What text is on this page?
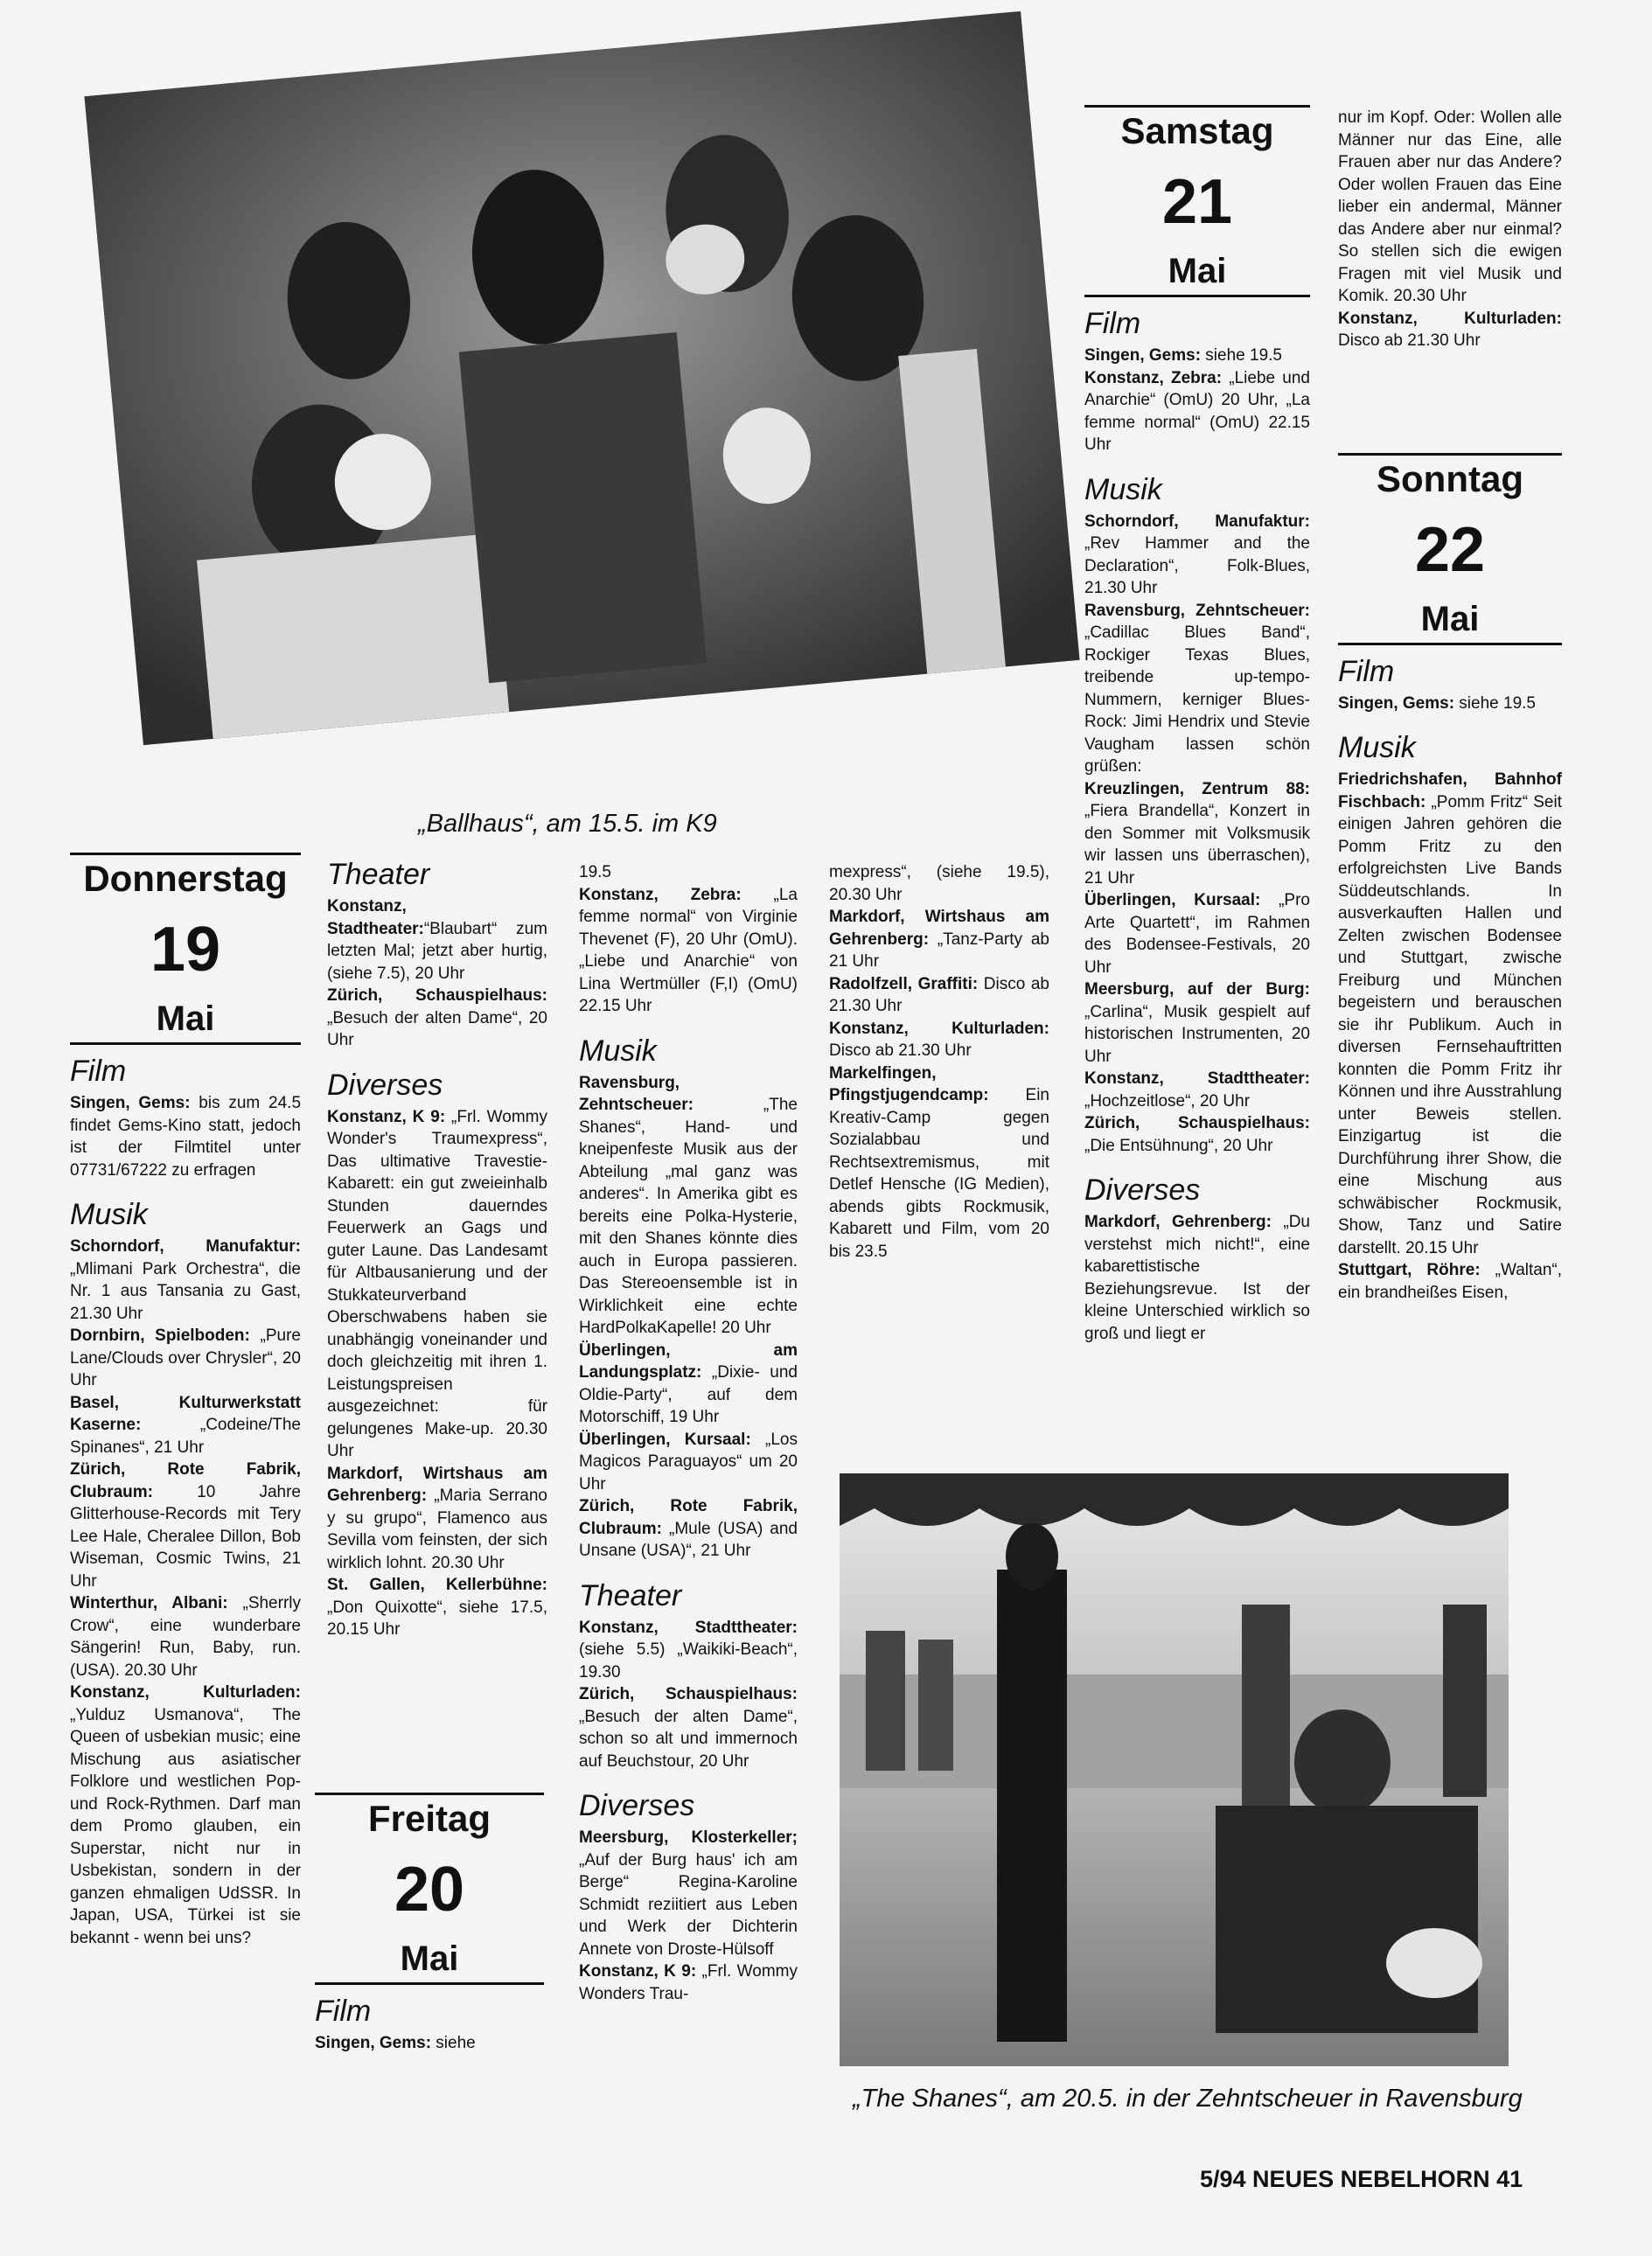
„Ballhaus“, am 15.5. im K9
Donnerstag
19
Mai
Film

Singen, Gems: bis zum 24.5 findet Gems-Kino statt, jedoch ist der Filmtitel unter 07731/67222 zu erfragen

Musik

Schorndorf, Manufaktur: „Mlimani Park Orchestra“, die Nr. 1 aus Tansania zu Gast, 21.30 Uhr

Dornbirn, Spielboden: „Pure Lane/Clouds over Chrysler“, 20 Uhr

Basel, Kulturwerkstatt Kaserne: „Codeine/The Spinanes“, 21 Uhr

Zürich, Rote Fabrik, Clubraum: 10 Jahre Glitterhouse-Records mit Tery Lee Hale, Cheralee Dillon, Bob Wiseman, Cosmic Twins, 21 Uhr

Winterthur, Albani: „Sherrly Crow“, eine wunderbare Sängerin! Run, Baby, run. (USA). 20.30 Uhr

Konstanz, Kulturladen: „Yulduz Usmanova“, The Queen of usbekian music; eine Mischung aus asiatischer Folklore und westlichen Pop- und Rock-Rythmen. Darf man dem Promo glauben, ein Superstar, nicht nur in Usbekistan, sondern in der ganzen ehmaligen UdSSR. In Japan, USA, Türkei ist sie bekannt - wenn bei uns?

Theater

Konstanz, Stadtheater:“Blaubart“ zum letzten Mal; jetzt aber hurtig, (siehe 7.5), 20 Uhr

Zürich, Schauspielhaus: „Besuch der alten Dame“, 20 Uhr

Diverses

Konstanz, K 9: „Frl. Wommy Wonder's Traumexpress“, Das ultimative Travestie-Kabarett: ein gut zweieinhalb Stunden dauerndes Feuerwerk an Gags und guter Laune. Das Landesamt für Altbausanierung und der Stukkateurverband Oberschwabens haben sie unabhängig voneinander und doch gleichzeitig mit ihren 1. Leistungspreisen ausgezeichnet: für gelungenes Make-up. 20.30 Uhr

Markdorf, Wirtshaus am Gehrenberg: „Maria Serrano y su grupo“, Flamenco aus Sevilla vom feinsten, der sich wirklich lohnt. 20.30 Uhr

St. Gallen, Kellerbühne: „Don Quixotte“, siehe 17.5, 20.15 Uhr

Freitag
20
Mai
Film

Singen, Gems: siehe

19.5

Konstanz, Zebra: „La femme normal“ von Virginie Thevenet (F), 20 Uhr (OmU). „Liebe und Anarchie“ von Lina Wertmüller (F,I) (OmU) 22.15 Uhr

Musik

Ravensburg, Zehntscheuer: „The Shanes“, Hand- und kneipenfeste Musik aus der Abteilung „mal ganz was anderes“. In Amerika gibt es bereits eine Polka-Hysterie, mit den Shanes könnte dies auch in Europa passieren. Das Stereoensemble ist in Wirklichkeit eine echte HardPolkaKapelle! 20 Uhr

Überlingen, am Landungsplatz: „Dixie- und Oldie-Party“, auf dem Motorschiff, 19 Uhr

Überlingen, Kursaal: „Los Magicos Paraguayos“ um 20 Uhr

Zürich, Rote Fabrik, Clubraum: „Mule (USA) and Unsane (USA)“, 21 Uhr

Theater

Konstanz, Stadttheater: (siehe 5.5) „Waikiki-Beach“, 19.30

Zürich, Schauspielhaus: „Besuch der alten Dame“, schon so alt und immernoch auf Beuchstour, 20 Uhr

Diverses

Meersburg, Klosterkeller; „Auf der Burg haus' ich am Berge“ Regina-Karoline Schmidt reziitiert aus Leben und Werk der Dichterin Annete von Droste-Hülsoff

Konstanz, K 9: „Frl. Wommy Wonders Trau-

mexpress“, (siehe 19.5), 20.30 Uhr

Markdorf, Wirtshaus am Gehrenberg: „Tanz-Party ab 21 Uhr

Radolfzell, Graffiti: Disco ab 21.30 Uhr

Konstanz, Kulturladen: Disco ab 21.30 Uhr

Markelfingen, Pfingstjugendcamp: Ein Kreativ-Camp gegen Sozialabbau und Rechtsextremismus, mit Detlef Hensche (IG Medien), abends gibts Rockmusik, Kabarett und Film, vom 20 bis 23.5

Samstag
21
Mai
Film

Singen, Gems: siehe 19.5

Konstanz, Zebra: „Liebe und Anarchie“ (OmU) 20 Uhr, „La femme normal“ (OmU) 22.15 Uhr

Musik

Schorndorf, Manufaktur: „Rev Hammer and the Declaration“, Folk-Blues, 21.30 Uhr

Ravensburg, Zehntscheuer: „Cadillac Blues Band“, Rockiger Texas Blues, treibende up-tempo-Nummern, kerniger Blues-Rock: Jimi Hendrix und Stevie Vaugham lassen schön grüßen:

Kreuzlingen, Zentrum 88: „Fiera Brandella“, Konzert in den Sommer mit Volksmusik wir lassen uns überraschen), 21 Uhr

Überlingen, Kursaal: „Pro Arte Quartett“, im Rahmen des Bodensee-Festivals, 20 Uhr

Meersburg, auf der Burg: „Carlina“, Musik gespielt auf historischen Instrumenten, 20 Uhr

Konstanz, Stadttheater: „Hochzeitlose“, 20 Uhr

Zürich, Schauspielhaus: „Die Entsühnung“, 20 Uhr

Diverses

Markdorf, Gehrenberg: „Du verstehst mich nicht!“, eine kabarettistische Beziehungsrevue. Ist der kleine Unterschied wirklich so groß und liegt er

nur im Kopf. Oder: Wollen alle Männer nur das Eine, alle Frauen aber nur das Andere? Oder wollen Frauen das Eine lieber ein andermal, Männer das Andere aber nur einmal? So stellen sich die ewigen Fragen mit viel Musik und Komik. 20.30 Uhr

Konstanz, Kulturladen: Disco ab 21.30 Uhr

Sonntag
22
Mai
Film

Singen, Gems: siehe 19.5

Musik

Friedrichshafen, Bahnhof Fischbach: „Pomm Fritz“ Seit einigen Jahren gehören die Pomm Fritz zu den erfolgreichsten Live Bands Süddeutschlands. In ausverkauften Hallen und Zelten zwischen Bodensee und Stuttgart, zwische Freiburg und München begeistern und berauschen sie ihr Publikum. Auch in diversen Fernsehauftritten konnten die Pomm Fritz ihr Können und ihre Ausstrahlung unter Beweis stellen. Einzigartug ist die Durchführung ihrer Show, die eine Mischung aus schwäbischer Rockmusik, Show, Tanz und Satire darstellt. 20.15 Uhr

Stuttgart, Röhre: „Waltan“, ein brandheißes Eisen,

„The Shanes“, am 20.5. in der Zehntscheuer in Ravensburg
5/94 NEUES NEBELHORN 41
